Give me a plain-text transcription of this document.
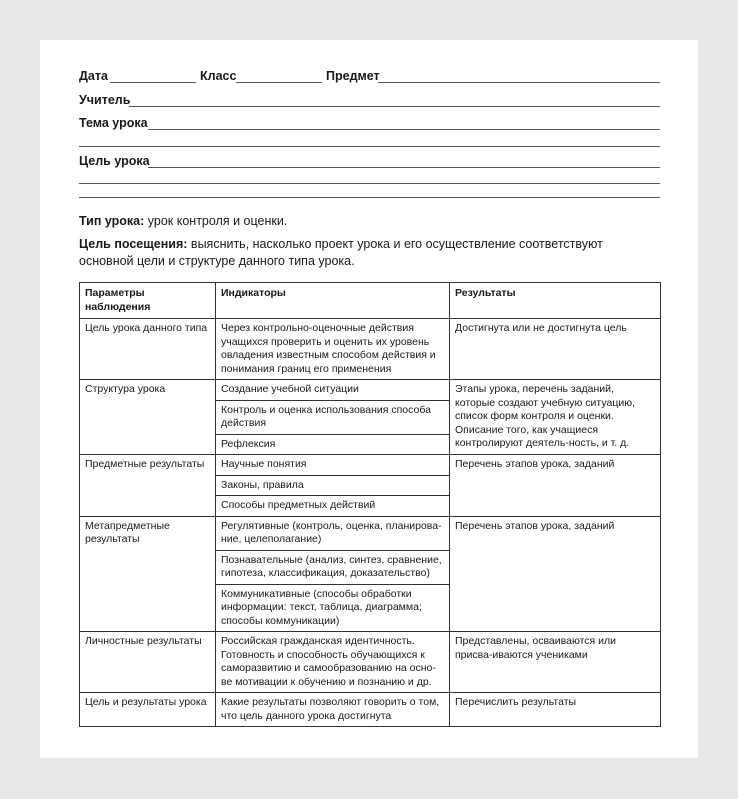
Дата	Класс	Предмет
Учитель
Тема урока
Цель урока
Тип урока: урок контроля и оценки.
Цель посещения: выяснить, насколько проект урока и его осуществление соответствуют основной цели и структуре данного типа урока.
Параметры наблюдения	Индикаторы	Результаты
Цель урока данного типа	Через контрольно-оценочные действия учащихся проверить и оценить их уровень овладения известным способом действия и понимания границ его применения	Достигнута или не достигнута цель
Структура урока	Создание учебной ситуации	Этапы урока, перечень заданий, которые создают учебную ситуацию, список форм контроля и оценки. Описание того, как учащиеся контролируют деятель-ность, и т. д.
	Контроль и оценка использования способа действия	
	Рефлексия	
Предметные результаты	Научные понятия	Перечень этапов урока, заданий
	Законы, правила	
	Способы предметных действий	
Метапредметные результаты	Регулятивные (контроль, оценка, планирова-ние, целеполагание)	Перечень этапов урока, заданий
	Познавательные (анализ, синтез, сравнение, гипотеза, классификация, доказательство)	
	Коммуникативные (способы обработки информации: текст, таблица, диаграмма; способы коммуникации)	
Личностные результаты	Российская гражданская идентичность. Готовность и способность обучающихся к саморазвитию и самообразованию на осно-ве мотивации к обучению и познанию и др.	Представлены, осваиваются или присва-иваются учениками
Цель и результаты урока	Какие результаты позволяют говорить о том, что цель данного урока достигнута	Перечислить результаты
